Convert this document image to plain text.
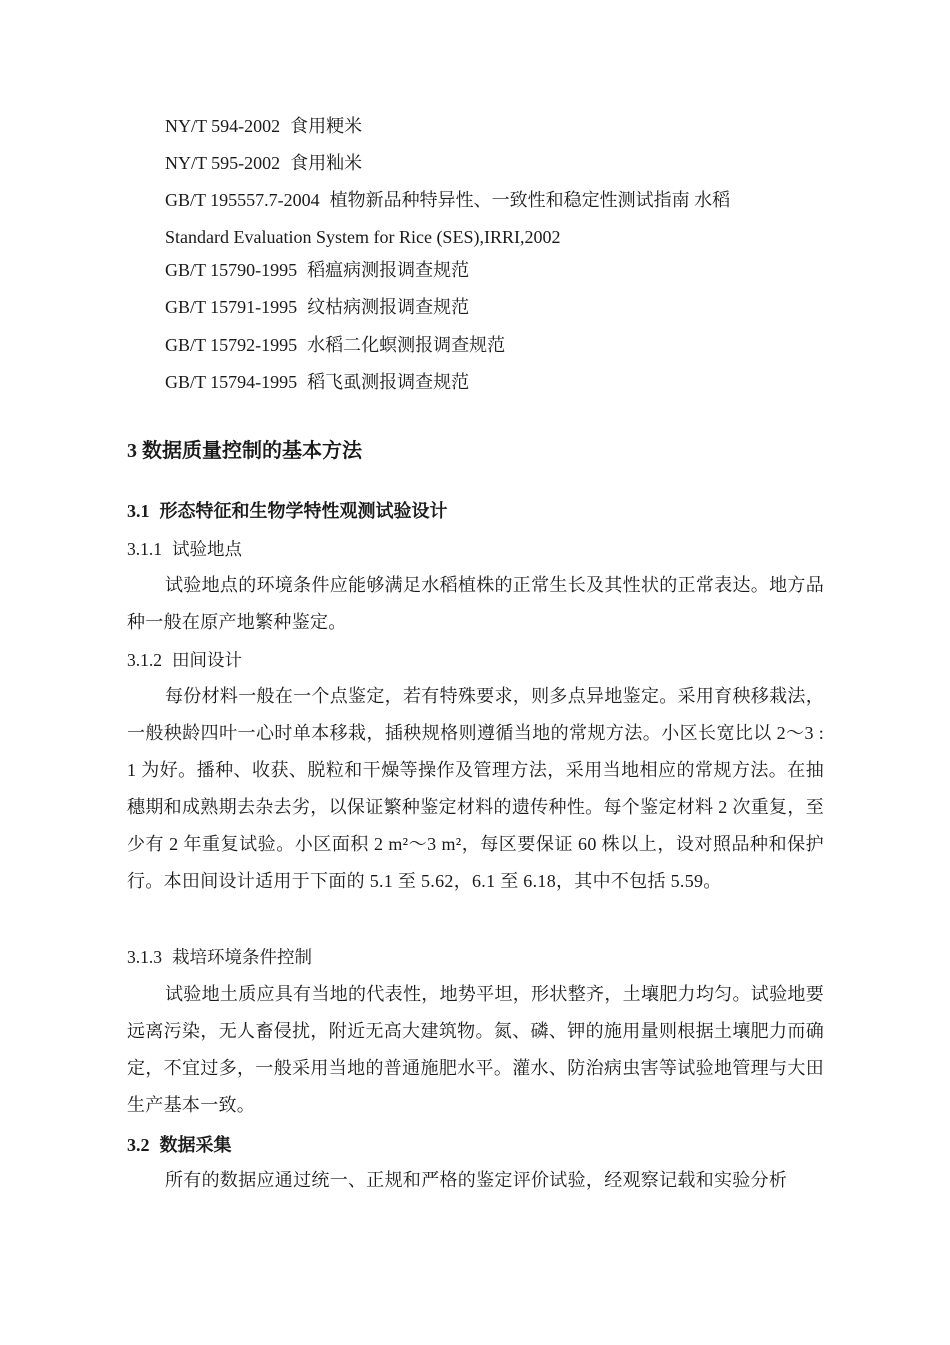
NY/T 594-2002 食用粳米
NY/T 595-2002 食用籼米
GB/T 195557.7-2004 植物新品种特异性、一致性和稳定性测试指南 水稻
Standard Evaluation System for Rice (SES),IRRI,2002
GB/T 15790-1995 稻瘟病测报调查规范
GB/T 15791-1995 纹枯病测报调查规范
GB/T 15792-1995 水稻二化螟测报调查规范
GB/T 15794-1995 稻飞虱测报调查规范
3 数据质量控制的基本方法
3.1 形态特征和生物学特性观测试验设计
3.1.1 试验地点
试验地点的环境条件应能够满足水稻植株的正常生长及其性状的正常表达。地方品种一般在原产地繁种鉴定。
3.1.2 田间设计
每份材料一般在一个点鉴定，若有特殊要求，则多点异地鉴定。采用育秧移栽法，一般秧龄四叶一心时单本移栽，插秧规格则遵循当地的常规方法。小区长宽比以 2～3 : 1 为好。播种、收获、脱粒和干燥等操作及管理方法，采用当地相应的常规方法。在抽穗期和成熟期去杂去劣，以保证繁种鉴定材料的遗传种性。每个鉴定材料 2 次重复，至少有 2 年重复试验。小区面积 2 m²～3 m²，每区要保证 60 株以上，设对照品种和保护行。本田间设计适用于下面的 5.1 至 5.62，6.1 至 6.18，其中不包括 5.59。
3.1.3 栽培环境条件控制
试验地土质应具有当地的代表性，地势平坦，形状整齐，土壤肥力均匀。试验地要远离污染，无人畜侵扰，附近无高大建筑物。氮、磷、钾的施用量则根据土壤肥力而确定，不宜过多，一般采用当地的普通施肥水平。灌水、防治病虫害等试验地管理与大田生产基本一致。
3.2 数据采集
所有的数据应通过统一、正规和严格的鉴定评价试验，经观察记载和实验分析
